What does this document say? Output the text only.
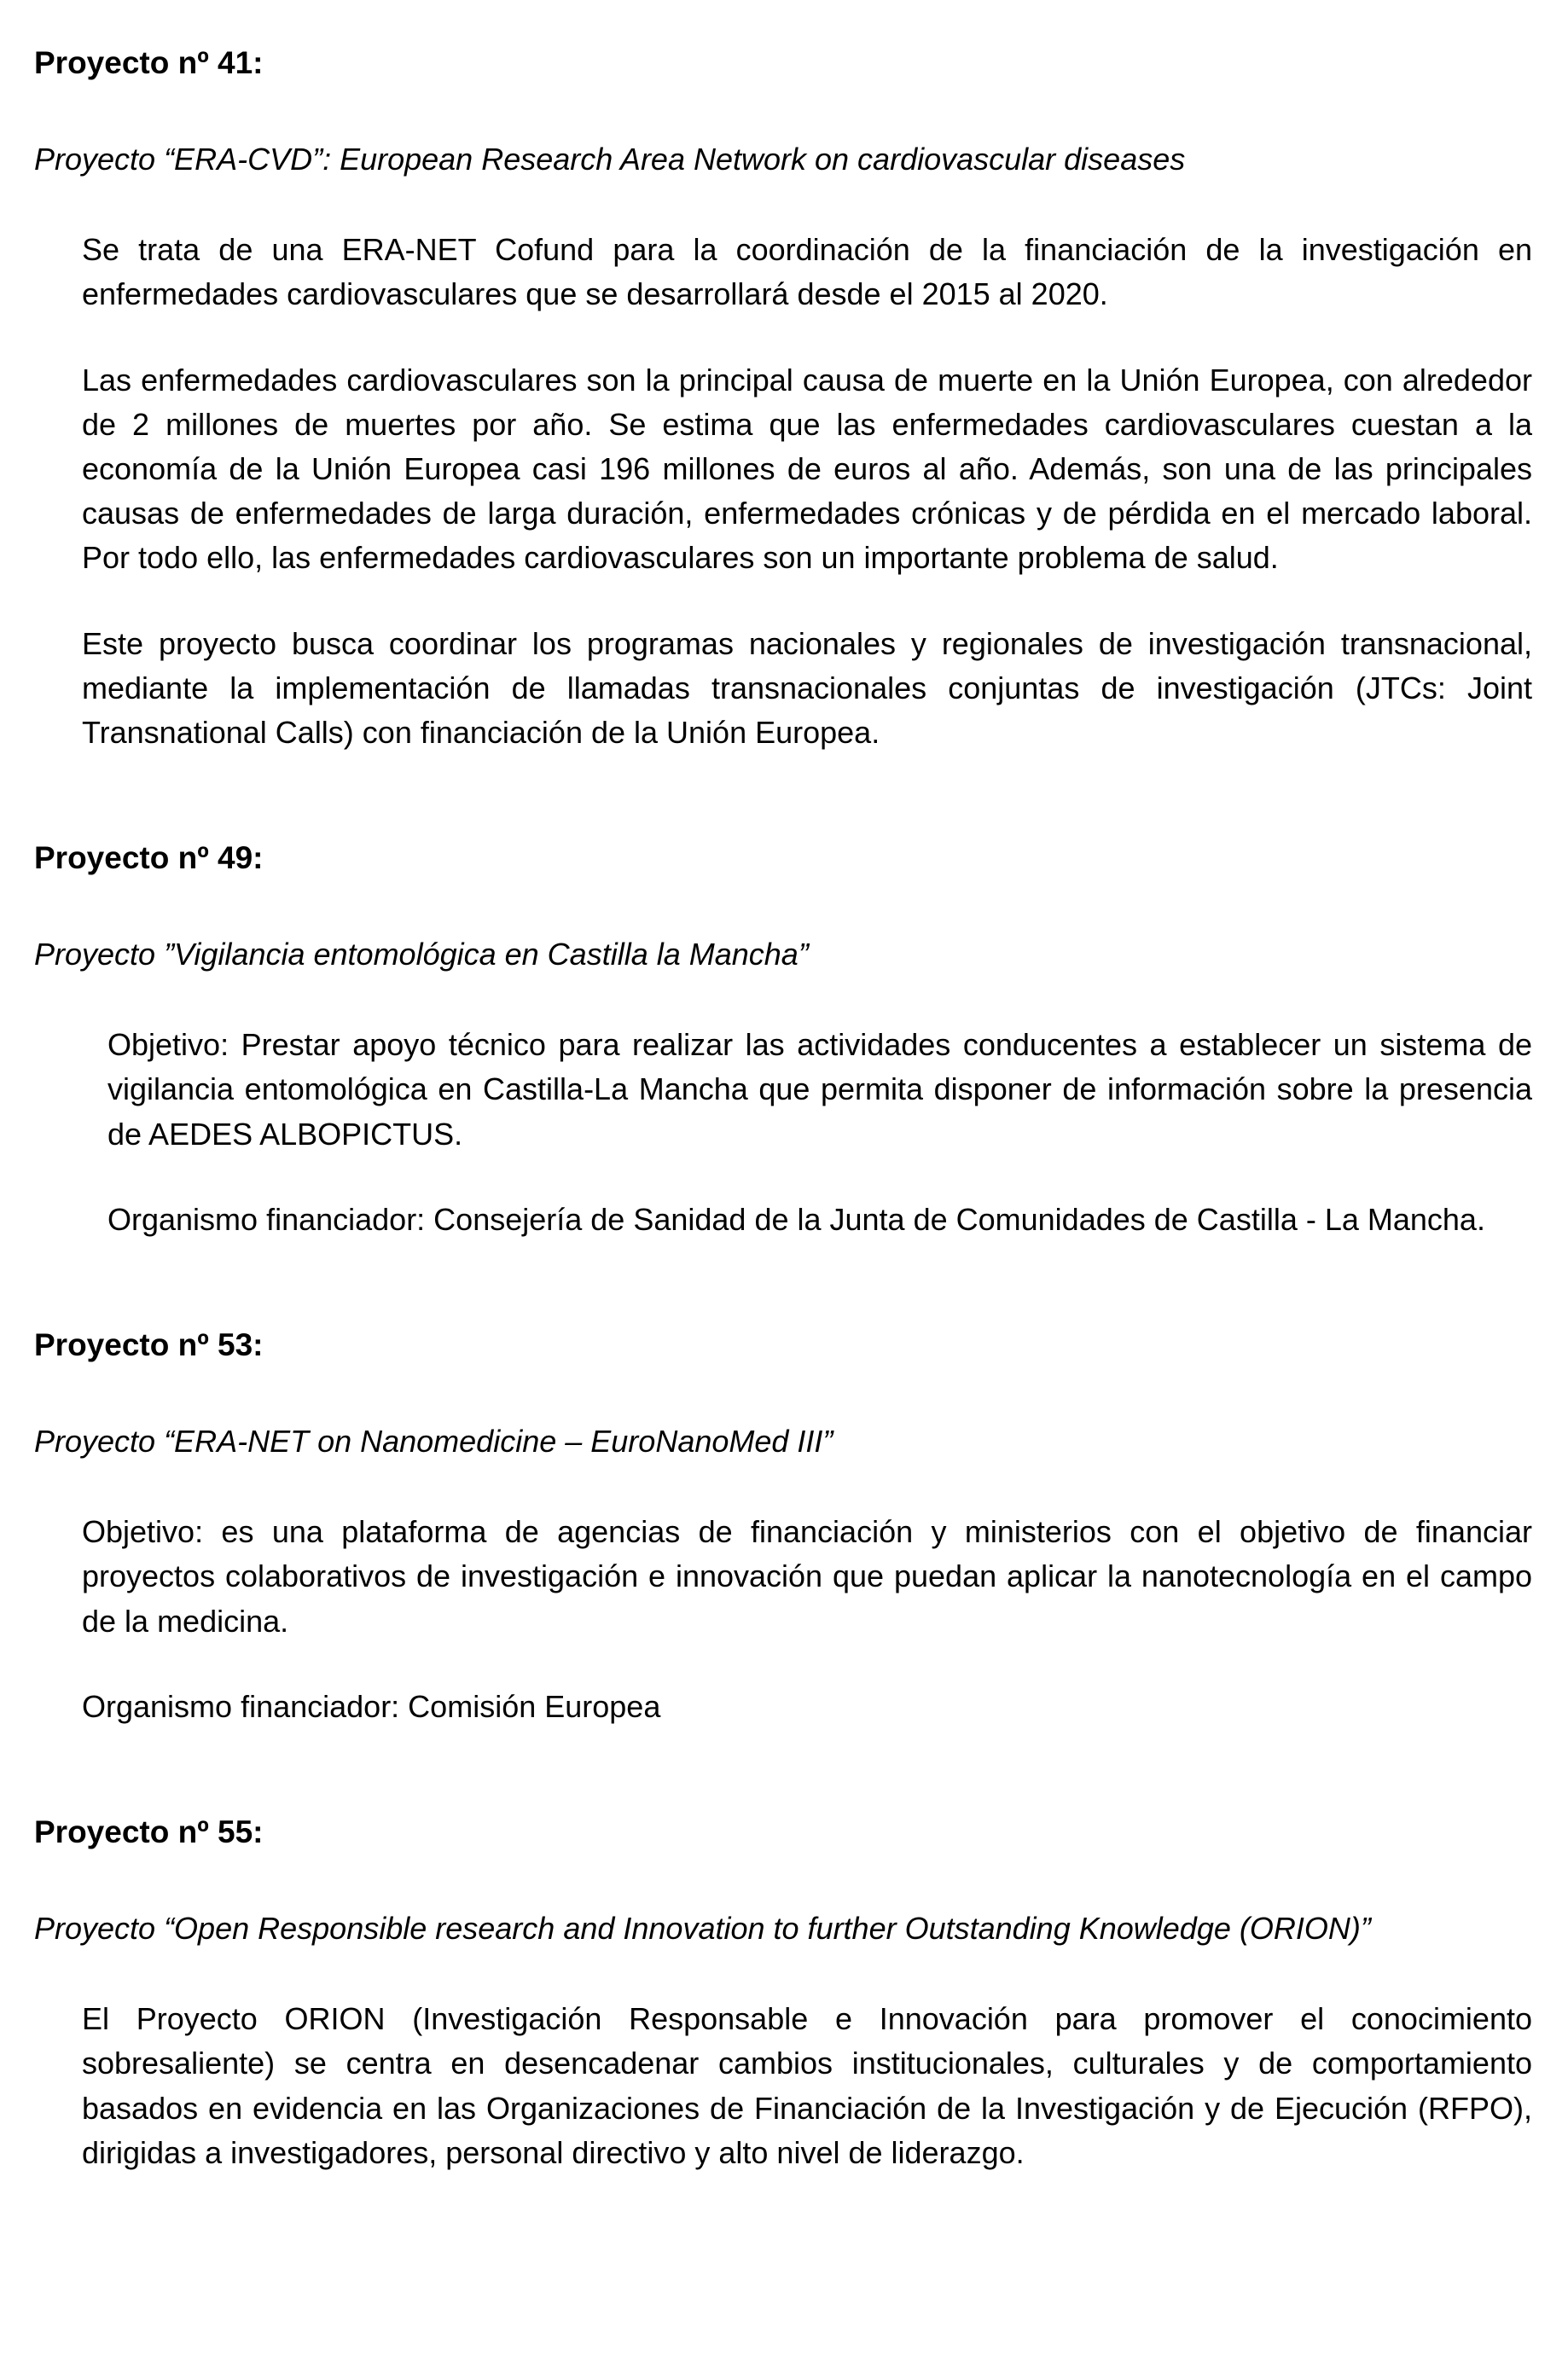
Proyecto nº 41:

Proyecto “ERA-CVD”: European Research Area Network on cardiovascular diseases

Se trata de una ERA-NET Cofund para la coordinación de la financiación de la investigación en enfermedades cardiovasculares que se desarrollará desde el 2015 al 2020.

Las enfermedades cardiovasculares son la principal causa de muerte en la Unión Europea, con alrededor de 2 millones de muertes por año. Se estima que las enfermedades cardiovasculares cuestan a la economía de la Unión Europea casi 196 millones de euros al año. Además, son una de las principales causas de enfermedades de larga duración, enfermedades crónicas y de pérdida en el mercado laboral. Por todo ello, las enfermedades cardiovasculares son un importante problema de salud.

Este proyecto busca coordinar los programas nacionales y regionales de investigación transnacional, mediante la implementación de llamadas transnacionales conjuntas de investigación (JTCs: Joint Transnational Calls) con financiación de la Unión Europea.

Proyecto nº 49:

Proyecto ”Vigilancia entomológica en Castilla la Mancha”

Objetivo: Prestar apoyo técnico para realizar las actividades conducentes a establecer un sistema de vigilancia entomológica en Castilla-La Mancha que permita disponer de información sobre la presencia de AEDES ALBOPICTUS.

Organismo financiador: Consejería de Sanidad de la Junta de Comunidades de Castilla - La Mancha.

Proyecto nº 53:

Proyecto “ERA-NET on Nanomedicine – EuroNanoMed III”

Objetivo: es una plataforma de agencias de financiación y ministerios con el objetivo de financiar proyectos colaborativos de investigación e innovación que puedan aplicar la nanotecnología en el campo de la medicina.

Organismo financiador: Comisión Europea

Proyecto nº 55:

Proyecto “Open Responsible research and Innovation to further Outstanding Knowledge (ORION)”

El Proyecto ORION (Investigación Responsable e Innovación para promover el conocimiento sobresaliente) se centra en desencadenar cambios institucionales, culturales y de comportamiento basados en evidencia en las Organizaciones de Financiación de la Investigación y de Ejecución (RFPO), dirigidas a investigadores, personal directivo y alto nivel de liderazgo.
